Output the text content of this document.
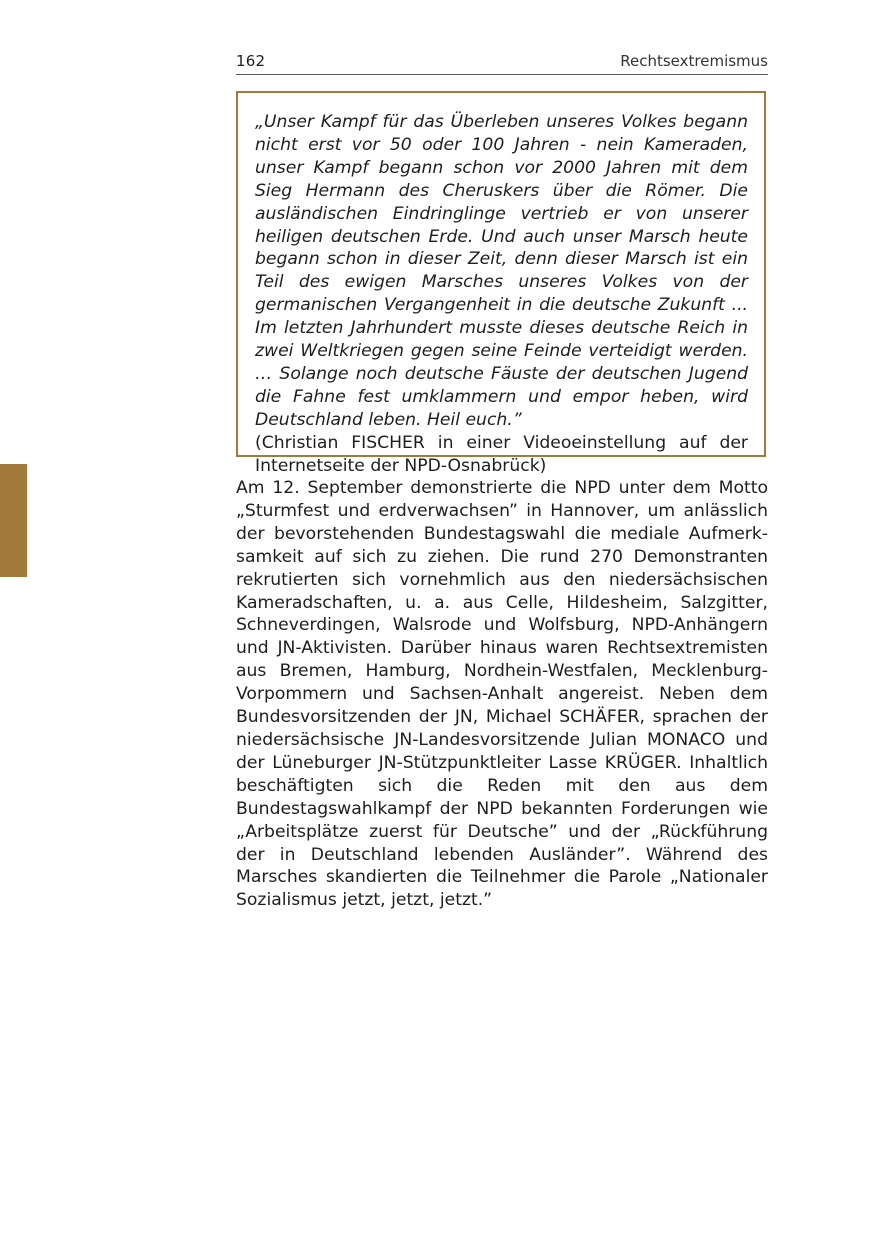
162	Rechtsextremismus

„Unser Kampf für das Überleben unseres Volkes begann nicht erst vor 50 oder 100 Jahren - nein Kameraden, unser Kampf begann schon vor 2000 Jahren mit dem Sieg Hermann des Cheruskers über die Römer. Die ausländischen Eindringlinge vertrieb er von unserer heiligen deutschen Erde. Und auch unser Marsch heute begann schon in dieser Zeit, denn dieser Marsch ist ein Teil des ewigen Marsches unseres Volkes von der germanischen Vergangenheit in die deutsche Zukunft ... Im letzten Jahrhundert musste dieses deutsche Reich in zwei Weltkriegen gegen seine Feinde verteidigt werden. … Solange noch deutsche Fäuste der deutschen Jugend die Fahne fest umklammern und empor heben, wird Deutschland leben. Heil euch.”

(Christian FISCHER in einer Videoeinstellung auf der Internetseite der NPD-Osnabrück)

Am 12. September demonstrierte die NPD unter dem Motto „Sturmfest und erdverwachsen” in Hannover, um anlässlich der bevorstehenden Bundestagswahl die mediale Aufmerksamkeit auf sich zu ziehen. Die rund 270 Demonstranten rekrutierten sich vornehmlich aus den niedersächsischen Kameradschaften, u. a. aus Celle, Hildesheim, Salzgitter, Schneverdingen, Walsrode und Wolfsburg, NPD-Anhängern und JN-Aktivisten. Darüber hinaus waren Rechtsextremisten aus Bremen, Hamburg, Nordhein-Westfalen, Mecklenburg-Vorpommern und Sachsen-Anhalt angereist. Neben dem Bundesvorsitzenden der JN, Michael SCHÄFER, sprachen der niedersächsische JN-Landesvorsitzende Julian MONACO und der Lüneburger JN-Stützpunktleiter Lasse KRÜGER. Inhaltlich beschäftigten sich die Reden mit den aus dem Bundestagswahlkampf der NPD bekannten Forderungen wie „Arbeitsplätze zuerst für Deutsche” und der „Rückführung der in Deutschland lebenden Ausländer”. Während des Marsches skandierten die Teilnehmer die Parole „Nationaler Sozialismus jetzt, jetzt, jetzt.”
